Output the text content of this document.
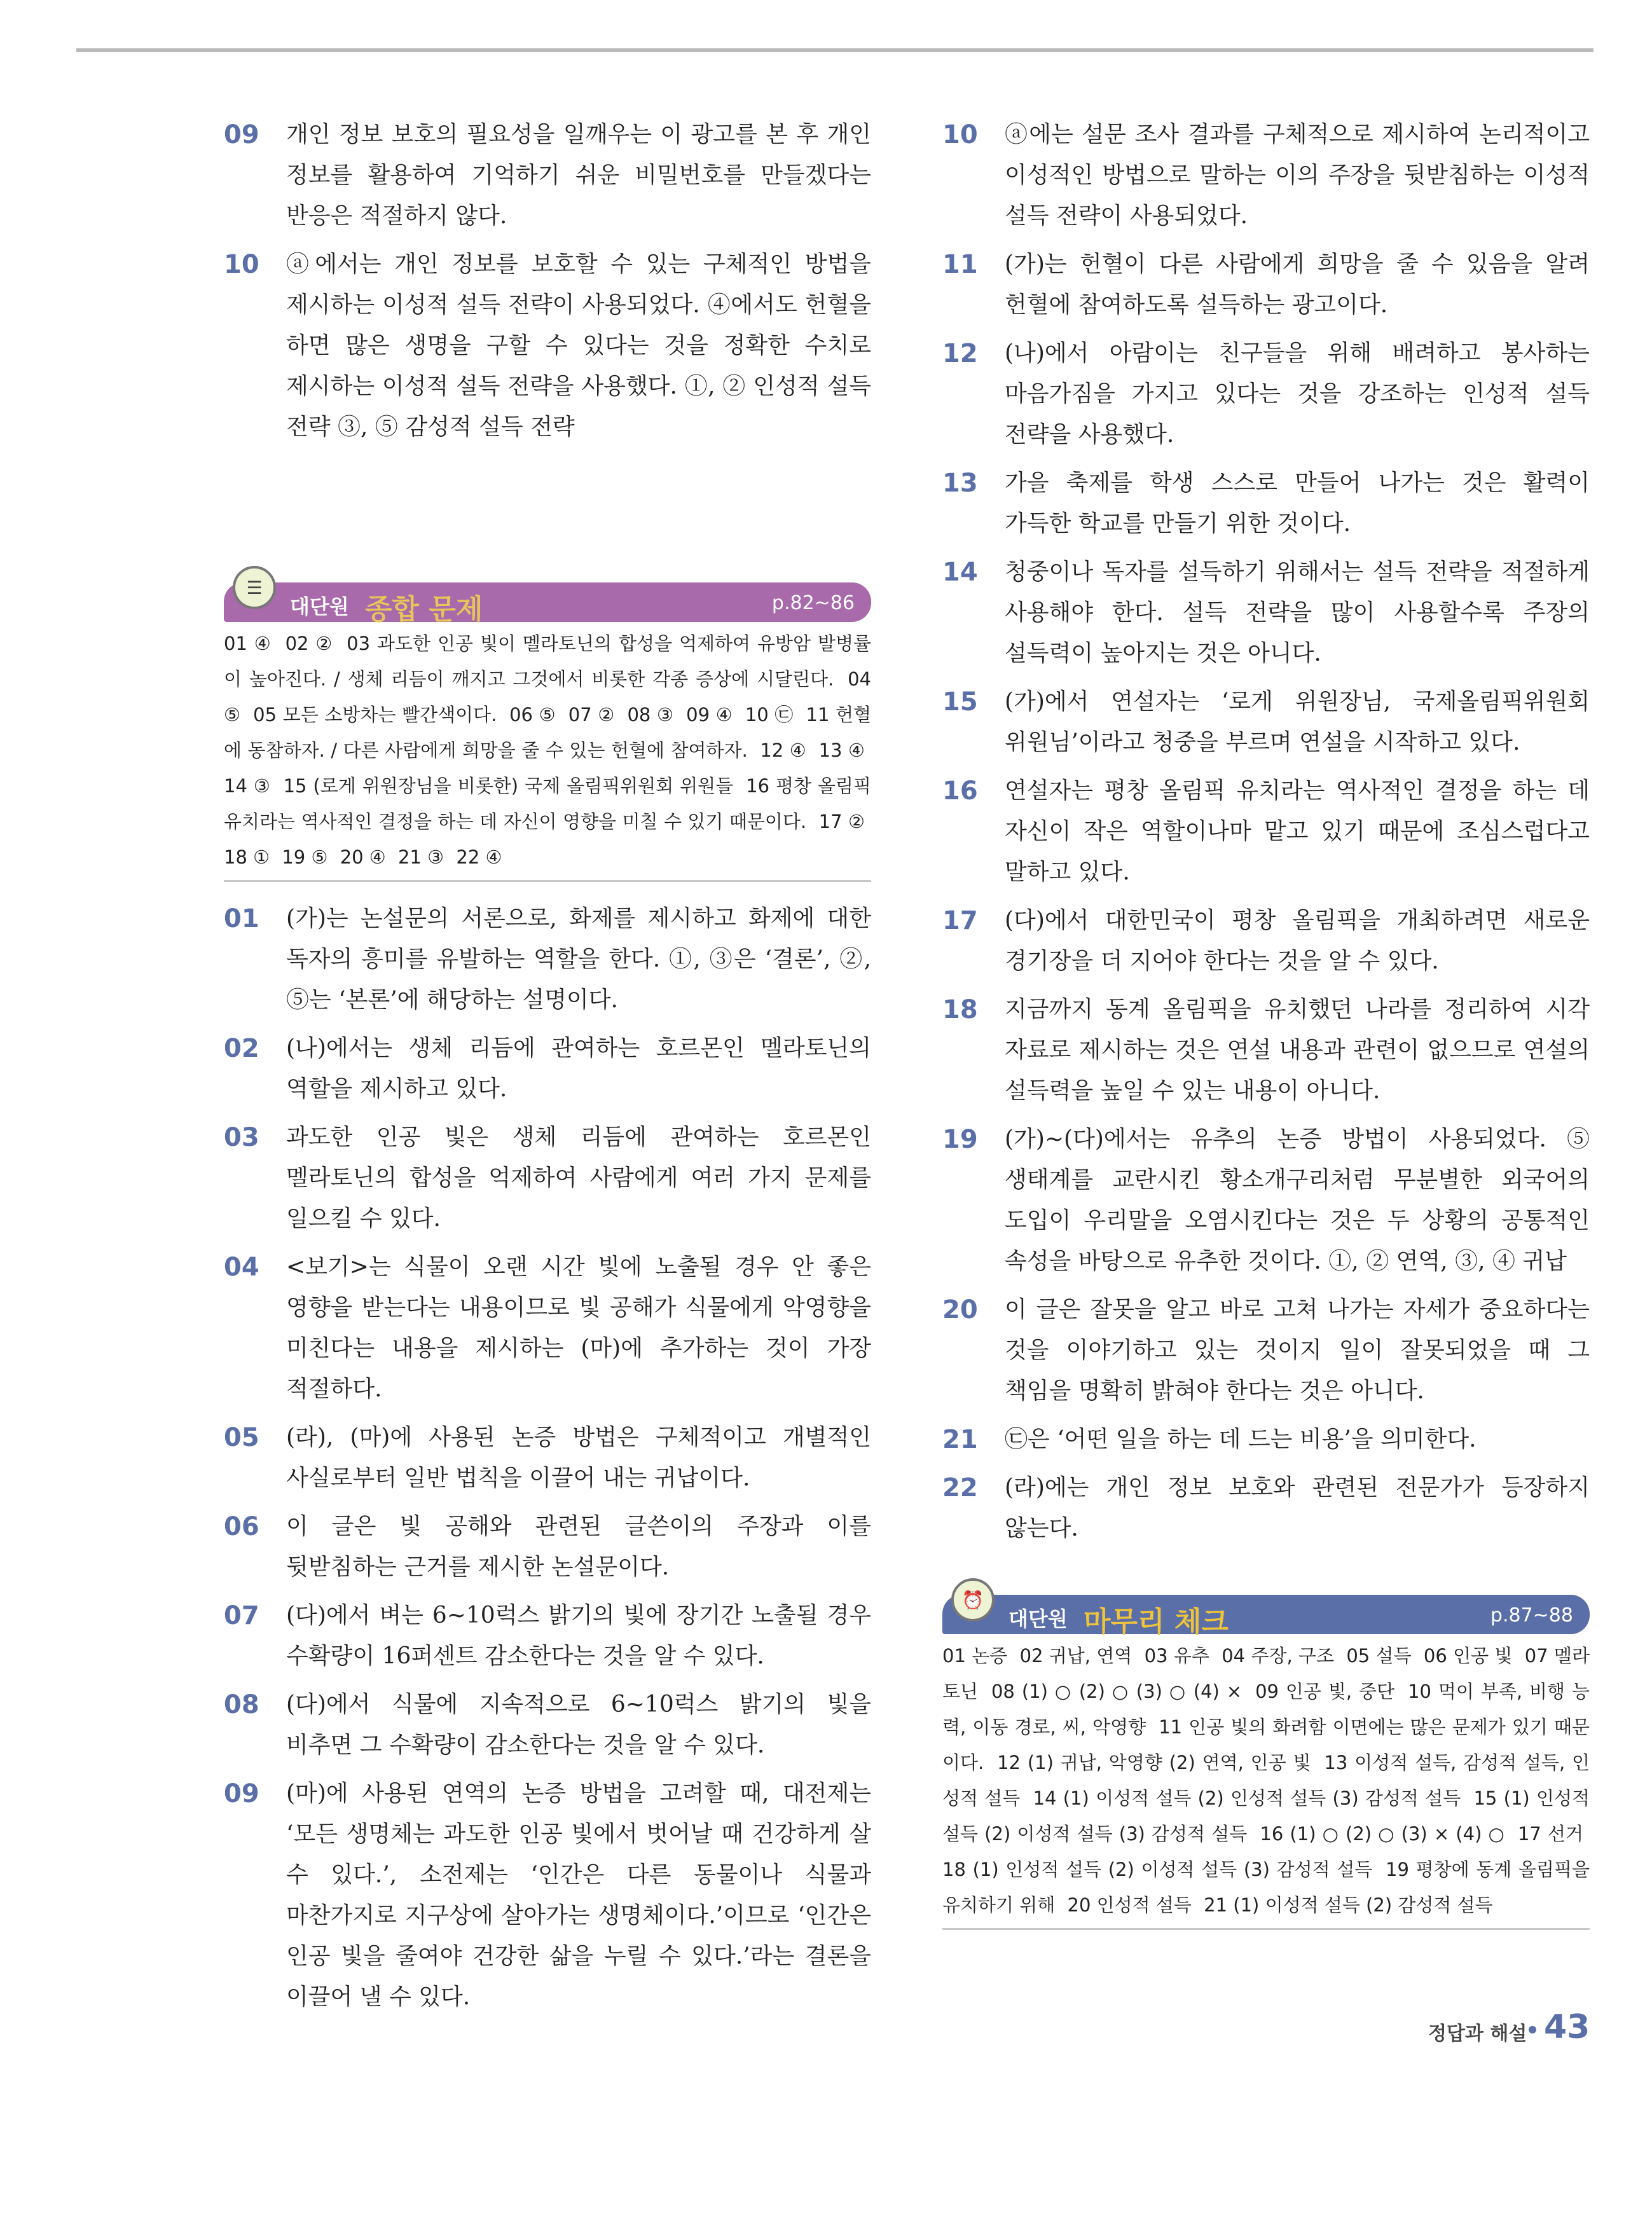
09 개인 정보 보호의 필요성을 일깨우는 이 광고를 본 후 개인 정보를 활용하여 기억하기 쉬운 비밀번호를 만들겠다는 반응은 적절하지 않다.
10 ⓐ에서는 개인 정보를 보호할 수 있는 구체적인 방법을 제시하는 이성적 설득 전략이 사용되었다. ④에서도 헌혈을 하면 많은 생명을 구할 수 있다는 것을 정확한 수치로 제시하는 이성적 설득 전략을 사용했다. ①, ② 인성적 설득 전략 ③, ⑤ 감성적 설득 전략
☰
대단원 종합 문제	p.82~86
01 ④ 02 ② 03 과도한 인공 빛이 멜라토닌의 합성을 억제하여 유방암 발병률이 높아진다. / 생체 리듬이 깨지고 그것에서 비롯한 각종 증상에 시달린다. 04 ⑤ 05 모든 소방차는 빨간색이다. 06 ⑤ 07 ② 08 ③ 09 ④ 10 ㉢ 11 헌혈에 동참하자. / 다른 사람에게 희망을 줄 수 있는 헌혈에 참여하자. 12 ④ 13 ④ 14 ③ 15 (로게 위원장님을 비롯한) 국제 올림픽위원회 위원들 16 평창 올림픽 유치라는 역사적인 결정을 하는 데 자신이 영향을 미칠 수 있기 때문이다. 17 ② 18 ① 19 ⑤ 20 ④ 21 ③ 22 ④
01 (가)는 논설문의 서론으로, 화제를 제시하고 화제에 대한 독자의 흥미를 유발하는 역할을 한다. ①, ③은 ‘결론’, ②, ⑤는 ‘본론’에 해당하는 설명이다.
02 (나)에서는 생체 리듬에 관여하는 호르몬인 멜라토닌의 역할을 제시하고 있다.
03 과도한 인공 빛은 생체 리듬에 관여하는 호르몬인 멜라토닌의 합성을 억제하여 사람에게 여러 가지 문제를 일으킬 수 있다.
04 <보기>는 식물이 오랜 시간 빛에 노출될 경우 안 좋은 영향을 받는다는 내용이므로 빛 공해가 식물에게 악영향을 미친다는 내용을 제시하는 (마)에 추가하는 것이 가장 적절하다.
05 (라), (마)에 사용된 논증 방법은 구체적이고 개별적인 사실로부터 일반 법칙을 이끌어 내는 귀납이다.
06 이 글은 빛 공해와 관련된 글쓴이의 주장과 이를 뒷받침하는 근거를 제시한 논설문이다.
07 (다)에서 벼는 6~10럭스 밝기의 빛에 장기간 노출될 경우 수확량이 16퍼센트 감소한다는 것을 알 수 있다.
08 (다)에서 식물에 지속적으로 6~10럭스 밝기의 빛을 비추면 그 수확량이 감소한다는 것을 알 수 있다.
09 (마)에 사용된 연역의 논증 방법을 고려할 때, 대전제는 ‘모든 생명체는 과도한 인공 빛에서 벗어날 때 건강하게 살 수 있다.’, 소전제는 ‘인간은 다른 동물이나 식물과 마찬가지로 지구상에 살아가는 생명체이다.’이므로 ‘인간은 인공 빛을 줄여야 건강한 삶을 누릴 수 있다.’라는 결론을 이끌어 낼 수 있다.
10 ⓐ에는 설문 조사 결과를 구체적으로 제시하여 논리적이고 이성적인 방법으로 말하는 이의 주장을 뒷받침하는 이성적 설득 전략이 사용되었다.
11 (가)는 헌혈이 다른 사람에게 희망을 줄 수 있음을 알려 헌혈에 참여하도록 설득하는 광고이다.
12 (나)에서 아람이는 친구들을 위해 배려하고 봉사하는 마음가짐을 가지고 있다는 것을 강조하는 인성적 설득 전략을 사용했다.
13 가을 축제를 학생 스스로 만들어 나가는 것은 활력이 가득한 학교를 만들기 위한 것이다.
14 청중이나 독자를 설득하기 위해서는 설득 전략을 적절하게 사용해야 한다. 설득 전략을 많이 사용할수록 주장의 설득력이 높아지는 것은 아니다.
15 (가)에서 연설자는 ‘로게 위원장님, 국제올림픽위원회 위원님’이라고 청중을 부르며 연설을 시작하고 있다.
16 연설자는 평창 올림픽 유치라는 역사적인 결정을 하는 데 자신이 작은 역할이나마 맡고 있기 때문에 조심스럽다고 말하고 있다.
17 (다)에서 대한민국이 평창 올림픽을 개최하려면 새로운 경기장을 더 지어야 한다는 것을 알 수 있다.
18 지금까지 동계 올림픽을 유치했던 나라를 정리하여 시각 자료로 제시하는 것은 연설 내용과 관련이 없으므로 연설의 설득력을 높일 수 있는 내용이 아니다.
19 (가)~(다)에서는 유추의 논증 방법이 사용되었다. ⑤ 생태계를 교란시킨 황소개구리처럼 무분별한 외국어의 도입이 우리말을 오염시킨다는 것은 두 상황의 공통적인 속성을 바탕으로 유추한 것이다. ①, ② 연역, ③, ④ 귀납
20 이 글은 잘못을 알고 바로 고쳐 나가는 자세가 중요하다는 것을 이야기하고 있는 것이지 일이 잘못되었을 때 그 책임을 명확히 밝혀야 한다는 것은 아니다.
21 ㉢은 ‘어떤 일을 하는 데 드는 비용’을 의미한다.
22 (라)에는 개인 정보 보호와 관련된 전문가가 등장하지 않는다.
⏰
대단원 마무리 체크	p.87~88
01 논증 02 귀납, 연역 03 유추 04 주장, 구조 05 설득 06 인공 빛 07 멜라토닌 08 (1) ○ (2) ○ (3) ○ (4) × 09 인공 빛, 중단 10 먹이 부족, 비행 능력, 이동 경로, 씨, 악영향 11 인공 빛의 화려함 이면에는 많은 문제가 있기 때문이다. 12 (1) 귀납, 악영향 (2) 연역, 인공 빛 13 이성적 설득, 감성적 설득, 인성적 설득 14 (1) 이성적 설득 (2) 인성적 설득 (3) 감성적 설득 15 (1) 인성적 설득 (2) 이성적 설득 (3) 감성적 설득 16 (1) ○ (2) ○ (3) × (4) ○ 17 선거 18 (1) 인성적 설득 (2) 이성적 설득 (3) 감성적 설득 19 평창에 동계 올림픽을 유치하기 위해 20 인성적 설득 21 (1) 이성적 설득 (2) 감성적 설득
정답과 해설 43
